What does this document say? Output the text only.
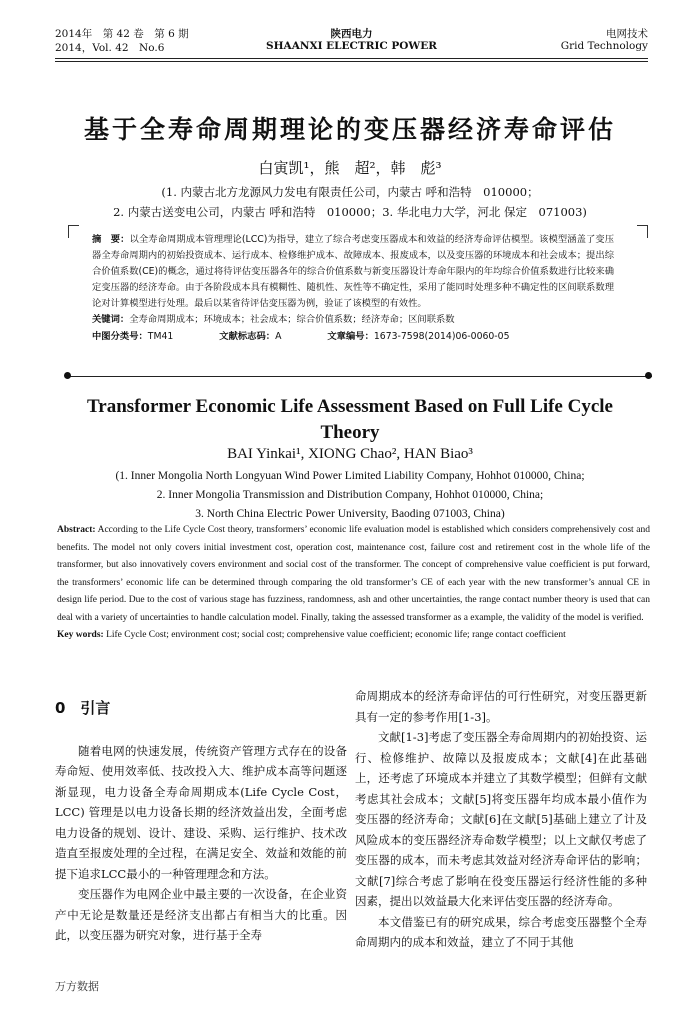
2014年　第 42 卷　第 6 期	陕西电力	电网技术
2014，Vol. 42　No.6	SHAANXI ELECTRIC POWER	Grid Technology
基于全寿命周期理论的变压器经济寿命评估
白寅凯¹，熊　超²，韩　彪³
(1. 内蒙古北方龙源风力发电有限责任公司，内蒙古 呼和浩特　010000；
2. 内蒙古送变电公司，内蒙古 呼和浩特　010000；3. 华北电力大学，河北 保定　071003)
摘　要：以全寿命周期成本管理理论(LCC)为指导，建立了综合考虑变压器成本和效益的经济寿命评估模型。该模型涵盖了变压器全寿命周期内的初始投资成本、运行成本、检修维护成本、故障成本、报废成本，以及变压器的环境成本和社会成本；提出综合价值系数(CE)的概念，通过将待评估变压器各年的综合价值系数与新变压器设计寿命年限内的年均综合价值系数进行比较来确定变压器的经济寿命。由于各阶段成本具有模糊性、随机性、灰性等不确定性，采用了能同时处理多种不确定性的区间联系数理论对计算模型进行处理。最后以某省待评估变压器为例，验证了该模型的有效性。
关键词：全寿命周期成本；环境成本；社会成本；综合价值系数；经济寿命；区间联系数
中图分类号：TM41	文献标志码：A	文章编号：1673-7598(2014)06-0060-05
Transformer Economic Life Assessment Based on Full Life Cycle Theory
BAI Yinkai¹, XIONG Chao², HAN Biao³
(1. Inner Mongolia North Longyuan Wind Power Limited Liability Company, Hohhot 010000, China;
2. Inner Mongolia Transmission and Distribution Company, Hohhot 010000, China;
3. North China Electric Power University, Baoding 071003, China)
Abstract: According to the Life Cycle Cost theory, transformers’ economic life evaluation model is established which considers comprehensively cost and benefits. The model not only covers initial investment cost, operation cost, maintenance cost, failure cost and retirement cost in the whole life of the transformer, but also innovatively covers environment and social cost of the transformer. The concept of comprehensive value coefficient is put forward, the transformers’ economic life can be determined through comparing the old transformer’s CE of each year with the new transformer’s annual CE in design life period. Due to the cost of various stage has fuzziness, randomness, ash and other uncertainties, the range contact number theory is used that can deal with a variety of uncertainties to handle calculation model. Finally, taking the assessed transformer as a example, the validity of the model is verified.
Key words: Life Cycle Cost; environment cost; social cost; comprehensive value coefficient; economic life; range contact coefficient
0　引言

随着电网的快速发展，传统资产管理方式存在的设备寿命短、使用效率低、技改投入大、维护成本高等问题逐渐显现，电力设备全寿命周期成本(Life Cycle Cost，LCC) 管理是以电力设备长期的经济效益出发，全面考虑电力设备的规划、设计、建设、采购、运行维护、技术改造直至报废处理的全过程，在满足安全、效益和效能的前提下追求LCC最小的一种管理理念和方法。

变压器作为电网企业中最主要的一次设备，在企业资产中无论是数量还是经济支出都占有相当大的比重。因此，以变压器为研究对象，进行基于全寿

命周期成本的经济寿命评估的可行性研究，对变压器更新具有一定的参考作用[1-3]。

文献[1-3]考虑了变压器全寿命周期内的初始投资、运行、检修维护、故障以及报废成本；文献[4]在此基础上，还考虑了环境成本并建立了其数学模型；但鲜有文献考虑其社会成本；文献[5]将变压器年均成本最小值作为变压器的经济寿命；文献[6]在文献[5]基础上建立了计及风险成本的变压器经济寿命数学模型；以上文献仅考虑了变压器的成本，而未考虑其效益对经济寿命评估的影响；文献[7]综合考虑了影响在役变压器运行经济性能的多种因素，提出以效益最大化来评估变压器的经济寿命。

本文借鉴已有的研究成果，综合考虑变压器整个全寿命周期内的成本和效益，建立了不同于其他

万方数据
